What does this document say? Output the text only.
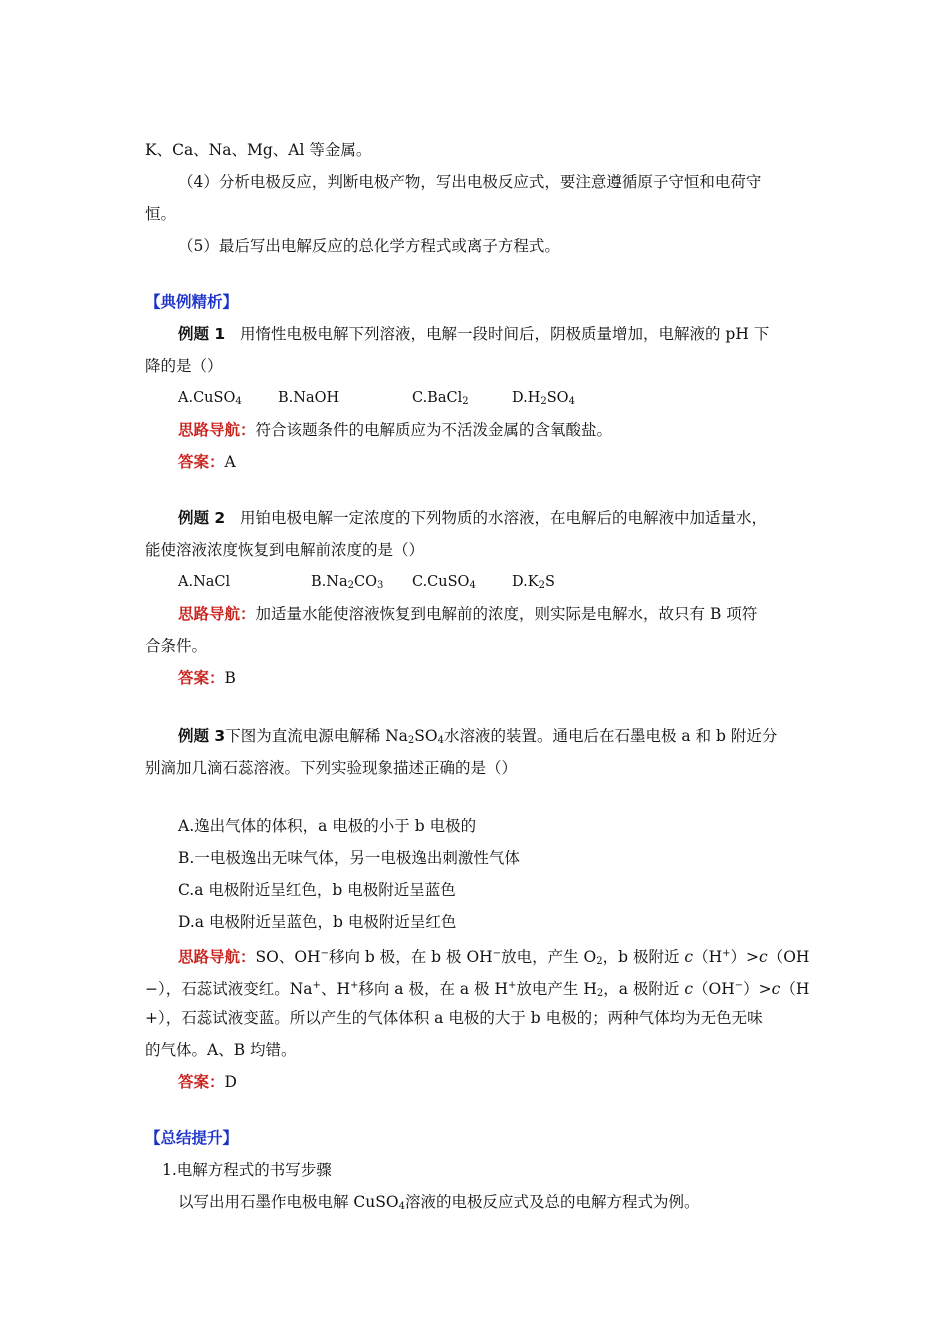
K、Ca、Na、Mg、Al 等金属。
（4）分析电极反应，判断电极产物，写出电极反应式，要注意遵循原子守恒和电荷守
恒。
（5）最后写出电解反应的总化学方程式或离子方程式。
【典例精析】
例题 1 用惰性电极电解下列溶液，电解一段时间后，阴极质量增加，电解液的 pH 下
降的是（）
A.CuSO$_4$	B.NaOH	C.BaCl$_2$	$D.H_2SO_4$
思路导航：符合该题条件的电解质应为不活泼金属的含氧酸盐。
答案：A
例题 2 用铂电极电解一定浓度的下列物质的水溶液，在电解后的电解液中加适量水，
能使溶液浓度恢复到电解前浓度的是（）
A.NaCl	$B.Na_2CO_3$ C.CuSO$_4$ $D.K_2S$
思路导航：加适量水能使溶液恢复到电解前的浓度，则实际是电解水，故只有 B 项符
合条件。
答案：B
例题 3下图为直流电源电解稀 $Na_2SO_4$水溶液的装置。通电后在石墨电极 a 和 b 附近分
别滴加几滴石蕊溶液。下列实验现象描述正确的是（）
A.逸出气体的体积，a 电极的小于 b 电极的
B.一电极逸出无味气体，另一电极逸出刺激性气体
C.a 电极附近呈红色，b 电极附近呈蓝色
D.a 电极附近呈蓝色，b 电极附近呈红色
思路导航：SO、OH−移向 b 极，在 b 极 OH−放电，产生 $O_2$，b 极附近 c（H+）>c（OH
−），石蕊试液变红。Na+、H+移向 a 极，在 a 极 H+放电产生 $H_2$，a 极附近 c（OH−）>c（H
+），石蕊试液变蓝。所以产生的气体体积 a 电极的大于 b 电极的；两种气体均为无色无味
的气体。A、B 均错。
答案：D
【总结提升】
1.电解方程式的书写步骤
以写出用石墨作电极电解 CuSO$_4$溶液的电极反应式及总的电解方程式为例。
